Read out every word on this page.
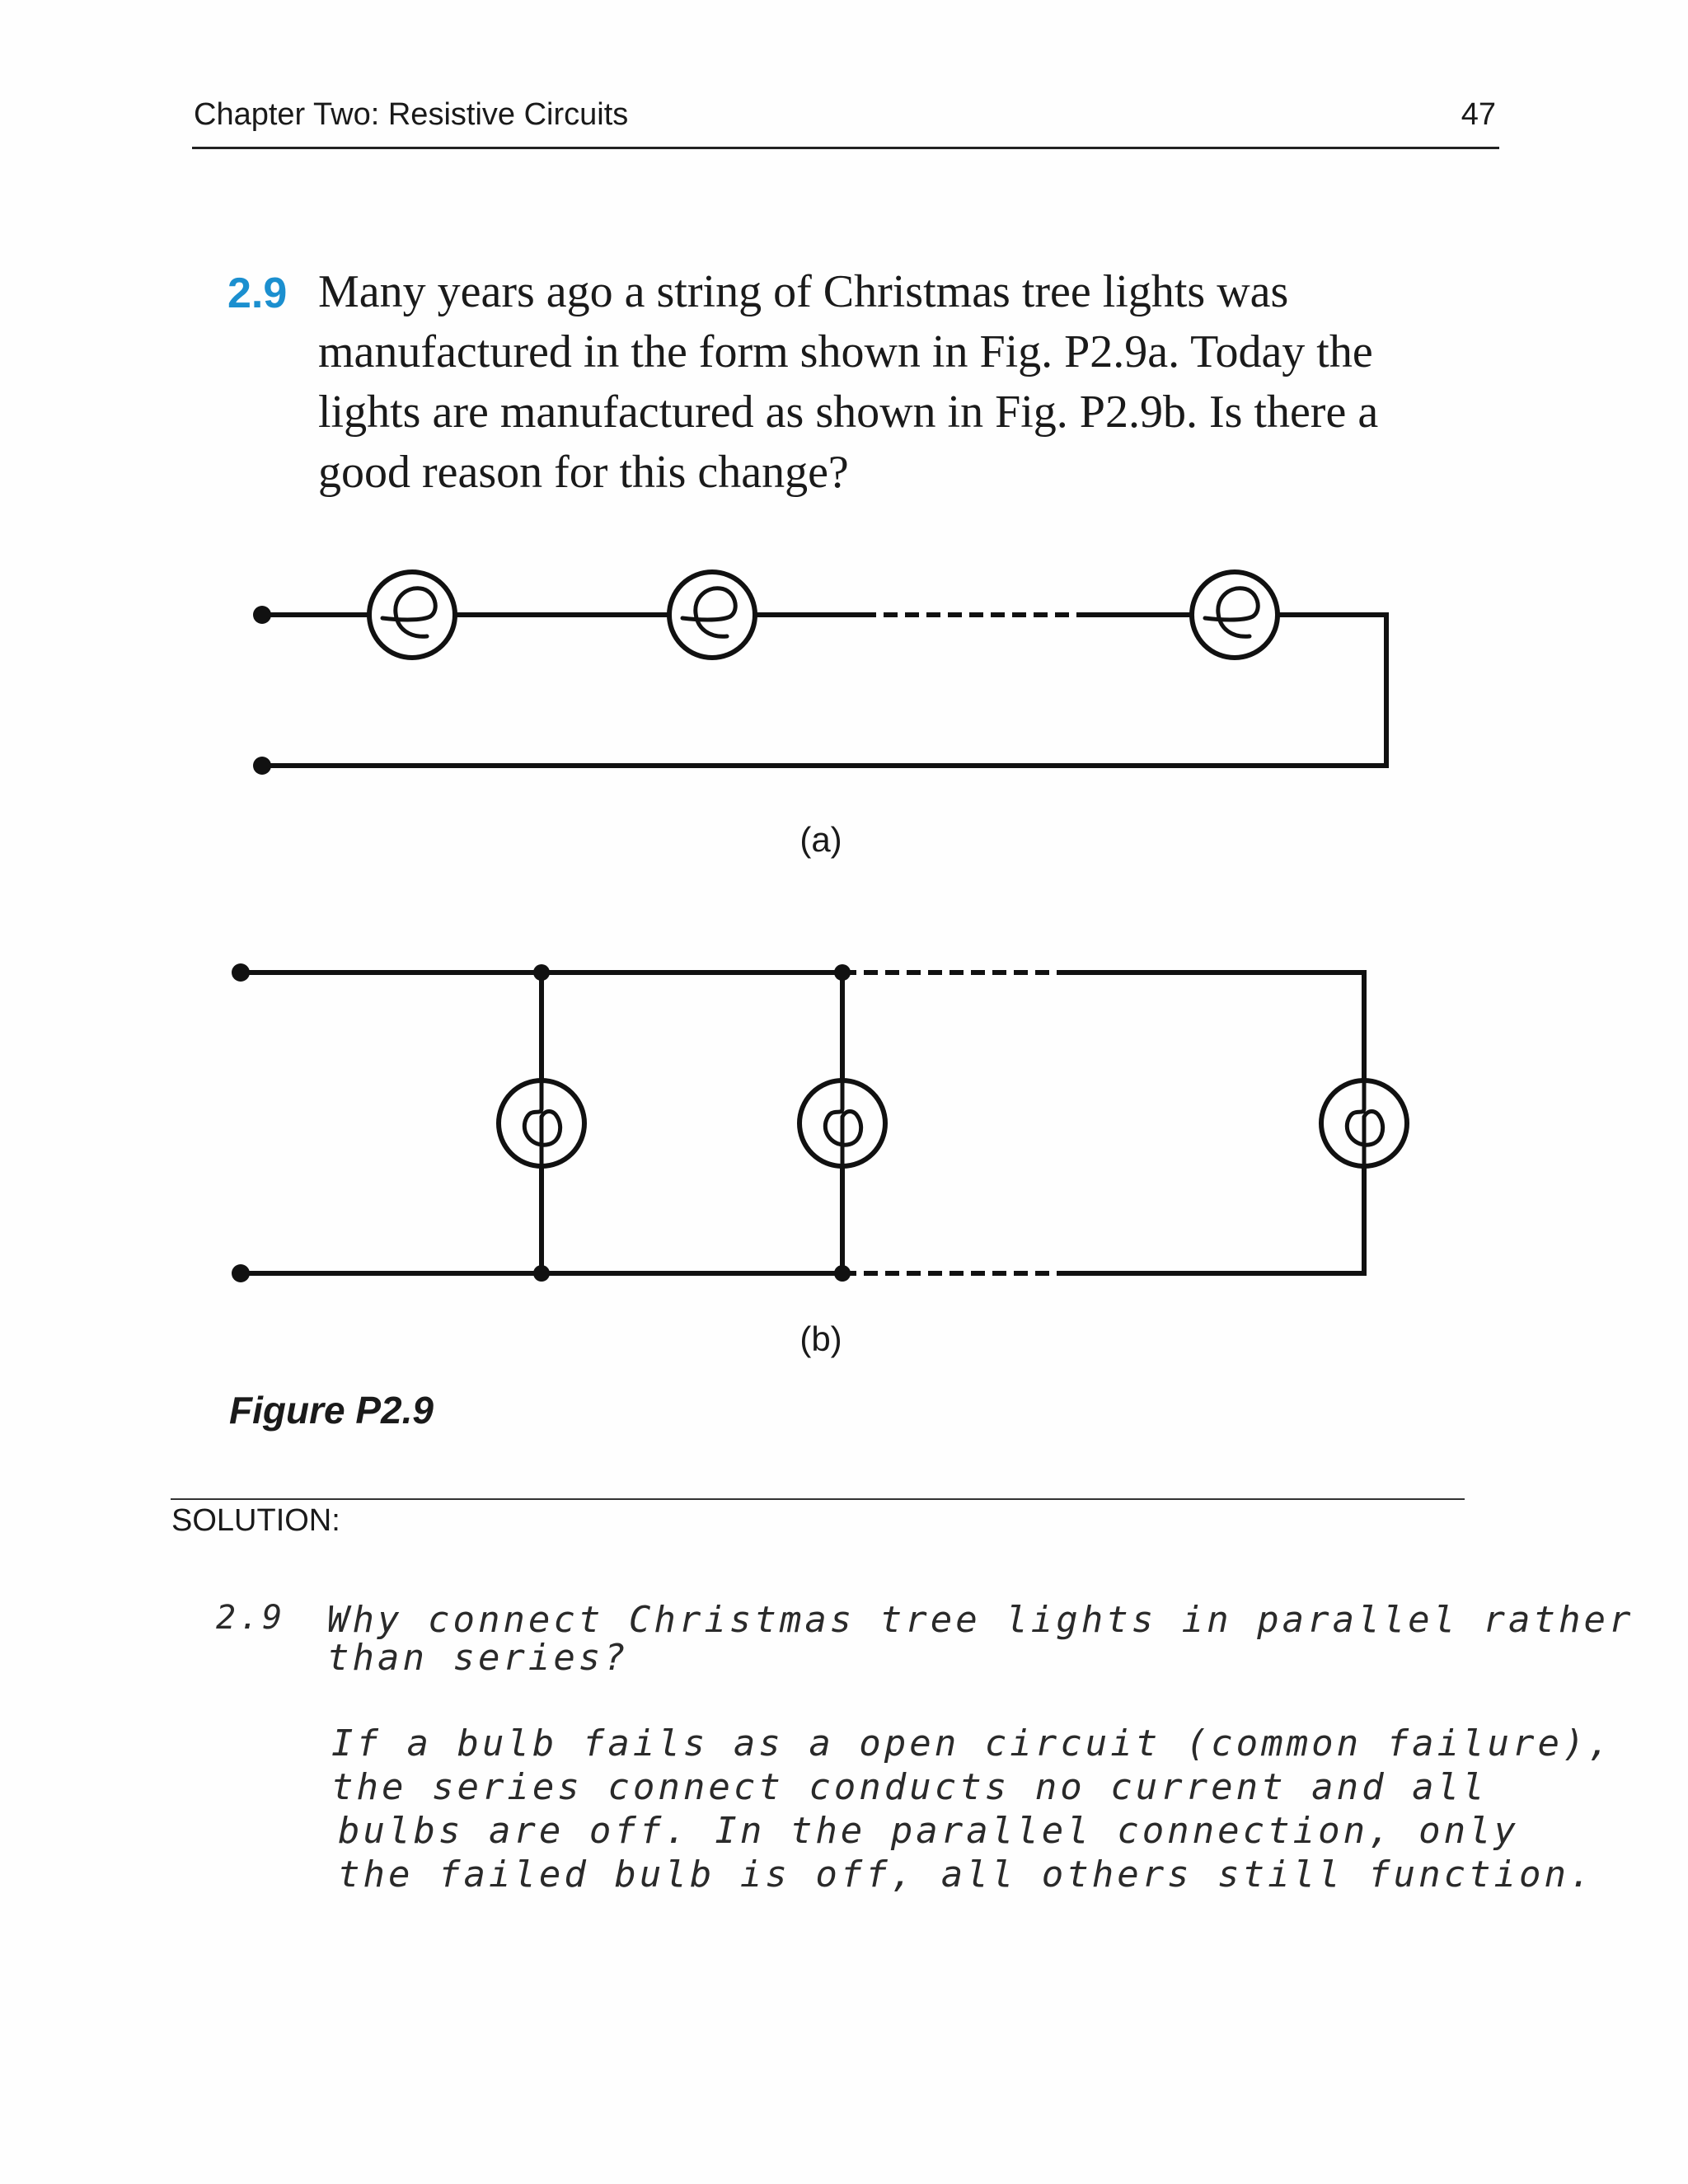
Chapter Two: Resistive Circuits	47
2.9 Many years ago a string of Christmas tree lights was
manufactured in the form shown in Fig. P2.9a. Today the
lights are manufactured as shown in Fig. P2.9b. Is there a
good reason for this change?
(a)
(b)
Figure P2.9
SOLUTION:
2.9 Why connect Christmas tree lights in parallel rather
than series?
If a bulb fails as a open circuit (common failure),
the series connect conducts no current and all
bulbs are off. In the parallel connection, only
the failed bulb is off, all others still function.
